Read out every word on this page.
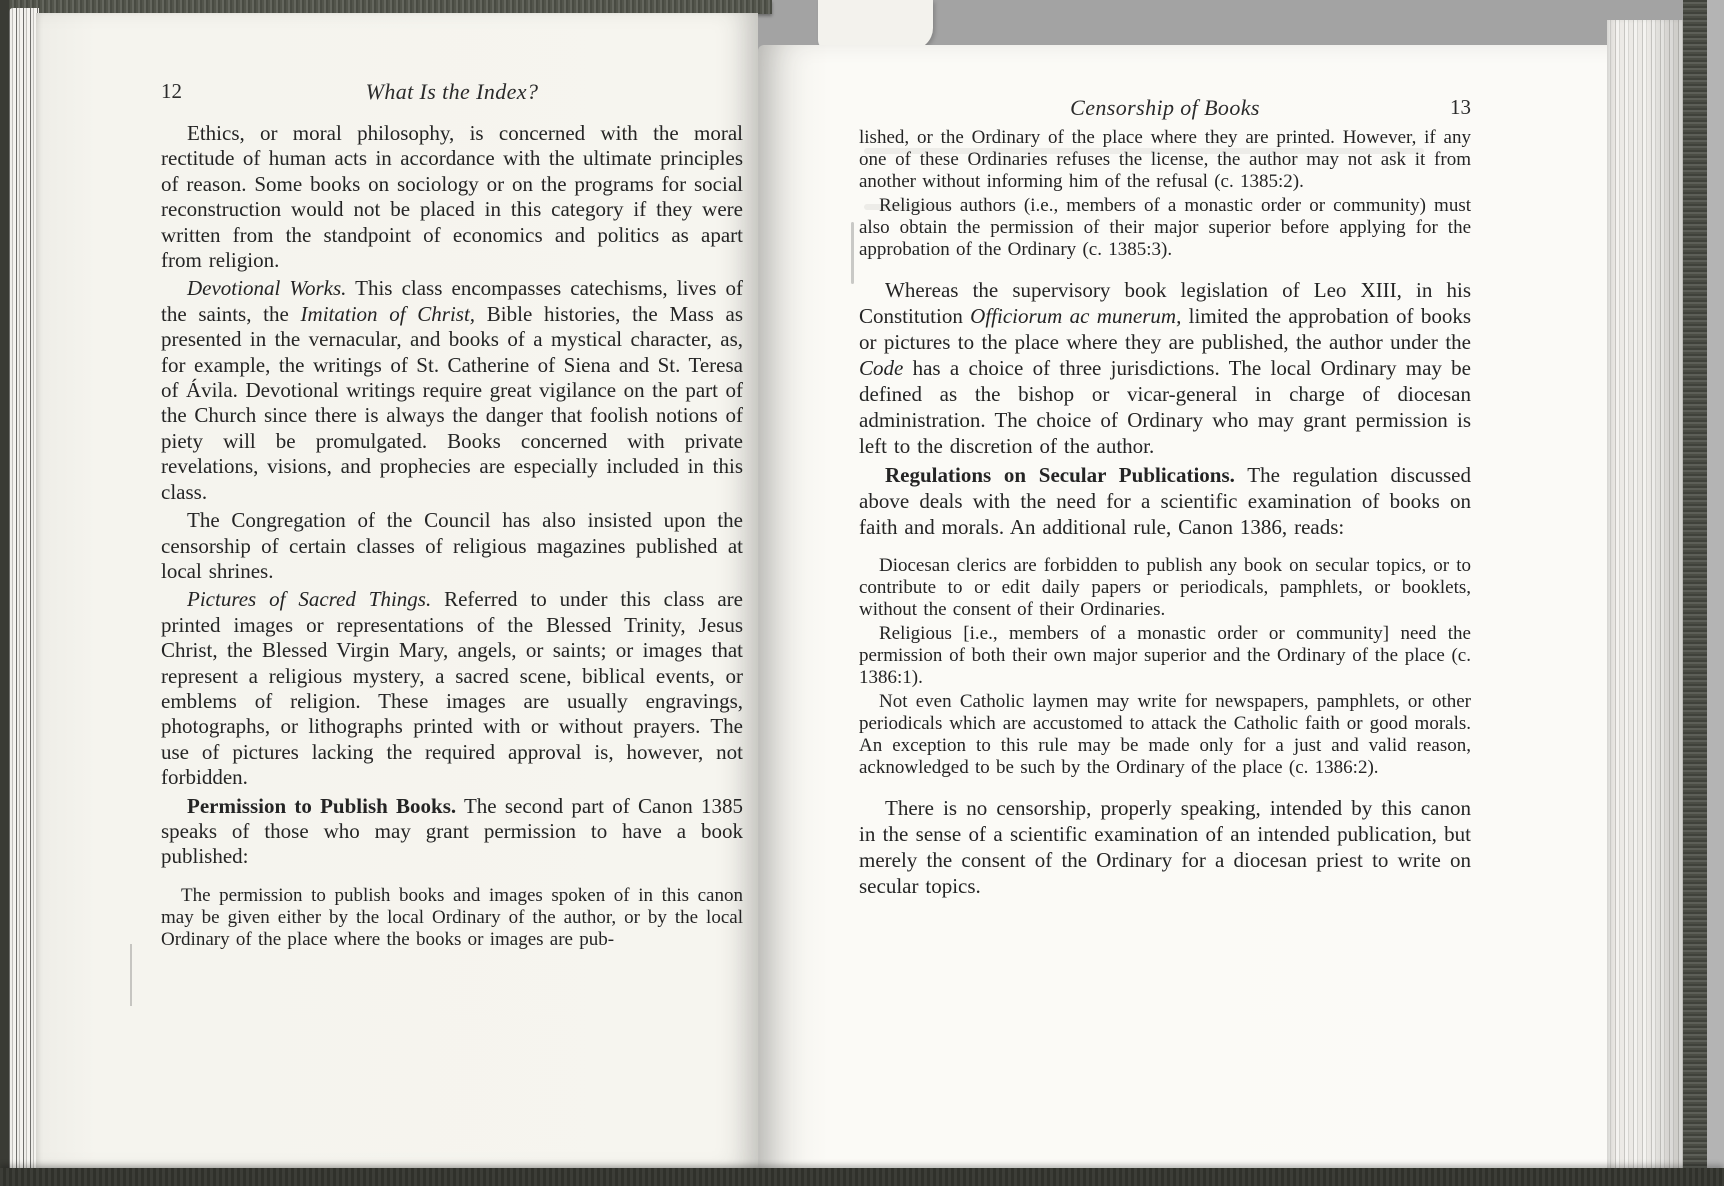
12	What Is the Index?

Ethics, or moral philosophy, is concerned with the moral rectitude of human acts in accordance with the ultimate principles of reason. Some books on sociology or on the programs for social reconstruction would not be placed in this category if they were written from the standpoint of economics and politics as apart from religion.

Devotional Works. This class encompasses catechisms, lives of the saints, the Imitation of Christ, Bible histories, the Mass as presented in the vernacular, and books of a mystical character, as, for example, the writings of St. Catherine of Siena and St. Teresa of Ávila. Devotional writings require great vigilance on the part of the Church since there is always the danger that foolish notions of piety will be promulgated. Books concerned with private revelations, visions, and prophecies are especially included in this class.

The Congregation of the Council has also insisted upon the censorship of certain classes of religious magazines published at local shrines.

Pictures of Sacred Things. Referred to under this class are printed images or representations of the Blessed Trinity, Jesus Christ, the Blessed Virgin Mary, angels, or saints; or images that represent a religious mystery, a sacred scene, biblical events, or emblems of religion. These images are usually engravings, photographs, or lithographs printed with or without prayers. The use of pictures lacking the required approval is, however, not forbidden.

Permission to Publish Books. The second part of Canon 1385 speaks of those who may grant permission to have a book published:

The permission to publish books and images spoken of in this canon may be given either by the local Ordinary of the author, or by the local Ordinary of the place where the books or images are pub-

Censorship of Books	13

lished, or the Ordinary of the place where they are printed. However, if any one of these Ordinaries refuses the license, the author may not ask it from another without informing him of the refusal (c. 1385:2).

Religious authors (i.e., members of a monastic order or community) must also obtain the permission of their major superior before applying for the approbation of the Ordinary (c. 1385:3).

Whereas the supervisory book legislation of Leo XIII, in his Constitution Officiorum ac munerum, limited the approbation of books or pictures to the place where they are published, the author under the Code has a choice of three jurisdictions. The local Ordinary may be defined as the bishop or vicar-general in charge of diocesan administration. The choice of Ordinary who may grant permission is left to the discretion of the author.

Regulations on Secular Publications. The regulation discussed above deals with the need for a scientific examination of books on faith and morals. An additional rule, Canon 1386, reads:

Diocesan clerics are forbidden to publish any book on secular topics, or to contribute to or edit daily papers or periodicals, pamphlets, or booklets, without the consent of their Ordinaries.

Religious [i.e., members of a monastic order or community] need the permission of both their own major superior and the Ordinary of the place (c. 1386:1).

Not even Catholic laymen may write for newspapers, pamphlets, or other periodicals which are accustomed to attack the Catholic faith or good morals. An exception to this rule may be made only for a just and valid reason, acknowledged to be such by the Ordinary of the place (c. 1386:2).

There is no censorship, properly speaking, intended by this canon in the sense of a scientific examination of an intended publication, but merely the consent of the Ordinary for a diocesan priest to write on secular topics.
